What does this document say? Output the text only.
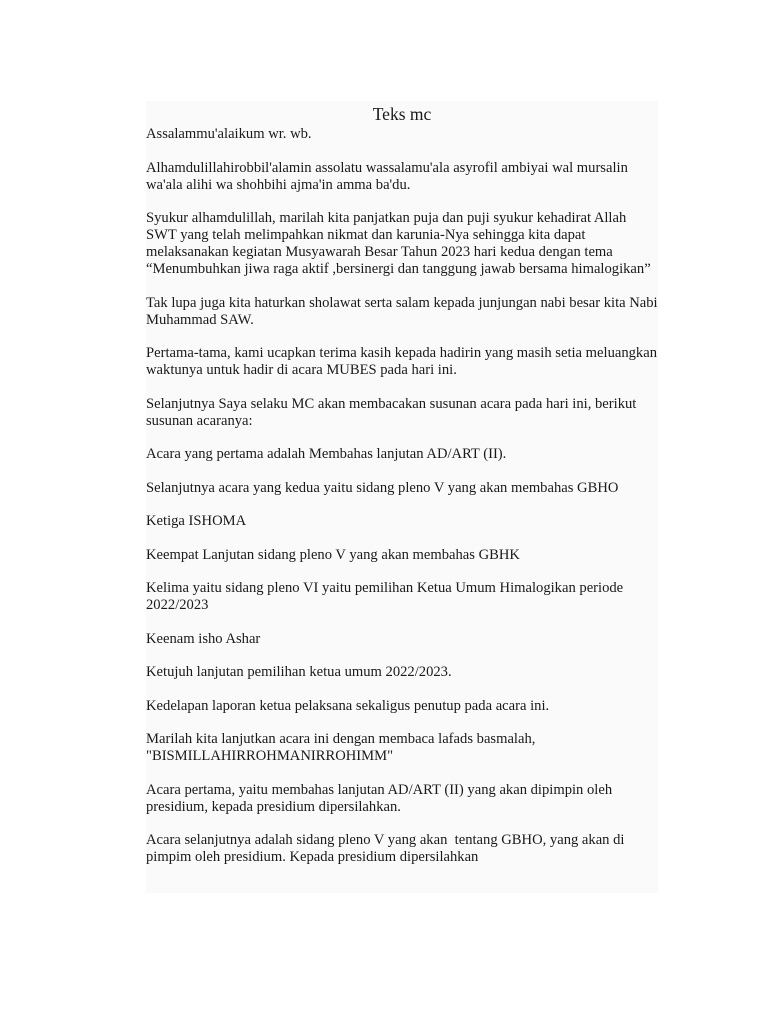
Teks mc

Assalammu'alaikum wr. wb.

Alhamdulillahirobbil'alamin assolatu wassalamu'ala asyrofil ambiyai wal mursalin wa'ala alihi wa shohbihi ajma'in amma ba'du.

Syukur alhamdulillah, marilah kita panjatkan puja dan puji syukur kehadirat Allah SWT yang telah melimpahkan nikmat dan karunia-Nya sehingga kita dapat melaksanakan kegiatan Musyawarah Besar Tahun 2023 hari kedua dengan tema “Menumbuhkan jiwa raga aktif ,bersinergi dan tanggung jawab bersama himalogikan”

Tak lupa juga kita haturkan sholawat serta salam kepada junjungan nabi besar kita Nabi Muhammad SAW.

Pertama-tama, kami ucapkan terima kasih kepada hadirin yang masih setia meluangkan waktunya untuk hadir di acara MUBES pada hari ini.

Selanjutnya Saya selaku MC akan membacakan susunan acara pada hari ini, berikut susunan acaranya:

Acara yang pertama adalah Membahas lanjutan AD/ART (II).

Selanjutnya acara yang kedua yaitu sidang pleno V yang akan membahas GBHO

Ketiga ISHOMA

Keempat Lanjutan sidang pleno V yang akan membahas GBHK

Kelima yaitu sidang pleno VI yaitu pemilihan Ketua Umum Himalogikan periode 2022/2023

Keenam isho Ashar

Ketujuh lanjutan pemilihan ketua umum 2022/2023.

Kedelapan laporan ketua pelaksana sekaligus penutup pada acara ini.

Marilah kita lanjutkan acara ini dengan membaca lafads basmalah, "BISMILLAHIRROHMANIRROHIMM"

Acara pertama, yaitu membahas lanjutan AD/ART (II) yang akan dipimpin oleh presidium, kepada presidium dipersilahkan.

Acara selanjutnya adalah sidang pleno V yang akan  tentang GBHO, yang akan di pimpim oleh presidium. Kepada presidium dipersilahkan
